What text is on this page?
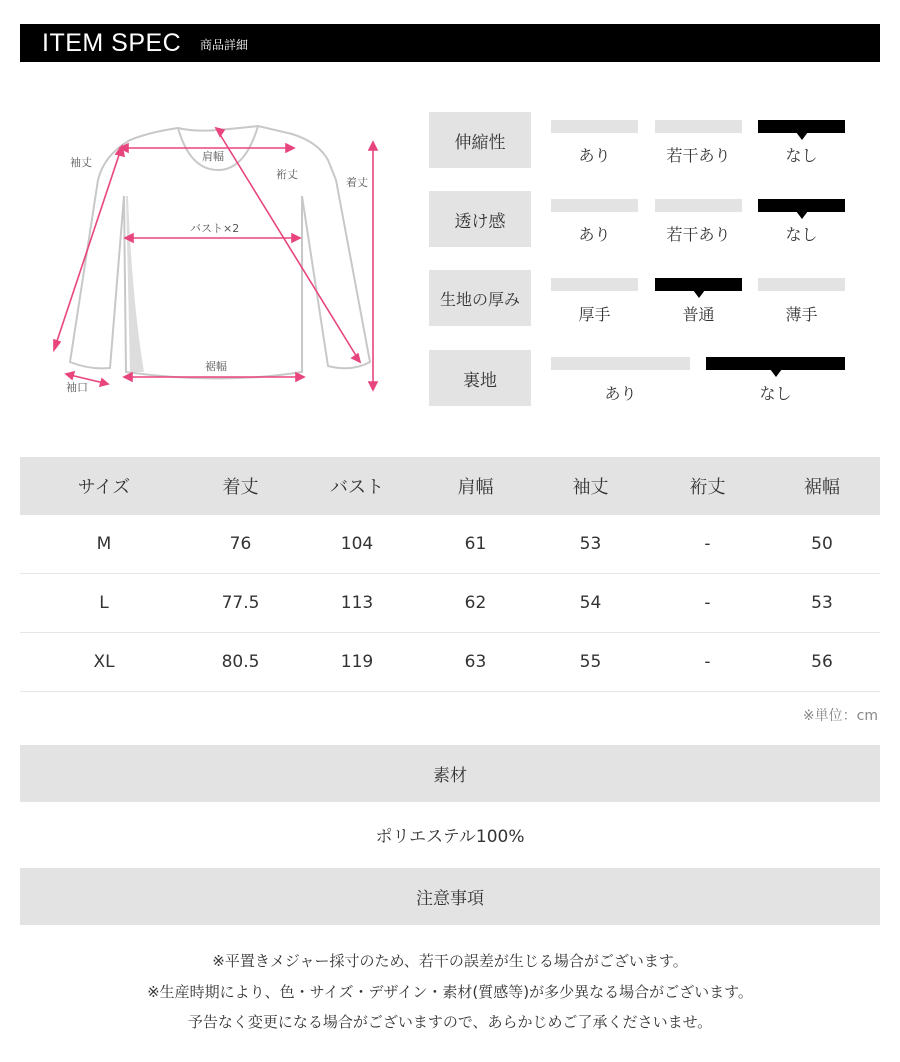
ITEM SPEC 商品詳細
袖丈	肩幅
裄丈
着丈
バスト×2
裾幅
袖口
伸縮性
あり	若干あり	なし
透け感
あり	若干あり	なし
生地の厚み
厚手	普通	薄手
裏地
あり	なし
サイズ	着丈	バスト	肩幅	袖丈	裄丈	裾幅
M	76	104	61	53	-	50
L	77.5	113	62	54	-	53
XL	80.5	119	63	55	-	56
※単位：cm
素材
ポリエステル100%
注意事項
※平置きメジャー採寸のため、若干の誤差が生じる場合がございます。
※生産時期により、色・サイズ・デザイン・素材(質感等)が多少異なる場合がございます。
予告なく変更になる場合がございますので、あらかじめご了承くださいませ。
